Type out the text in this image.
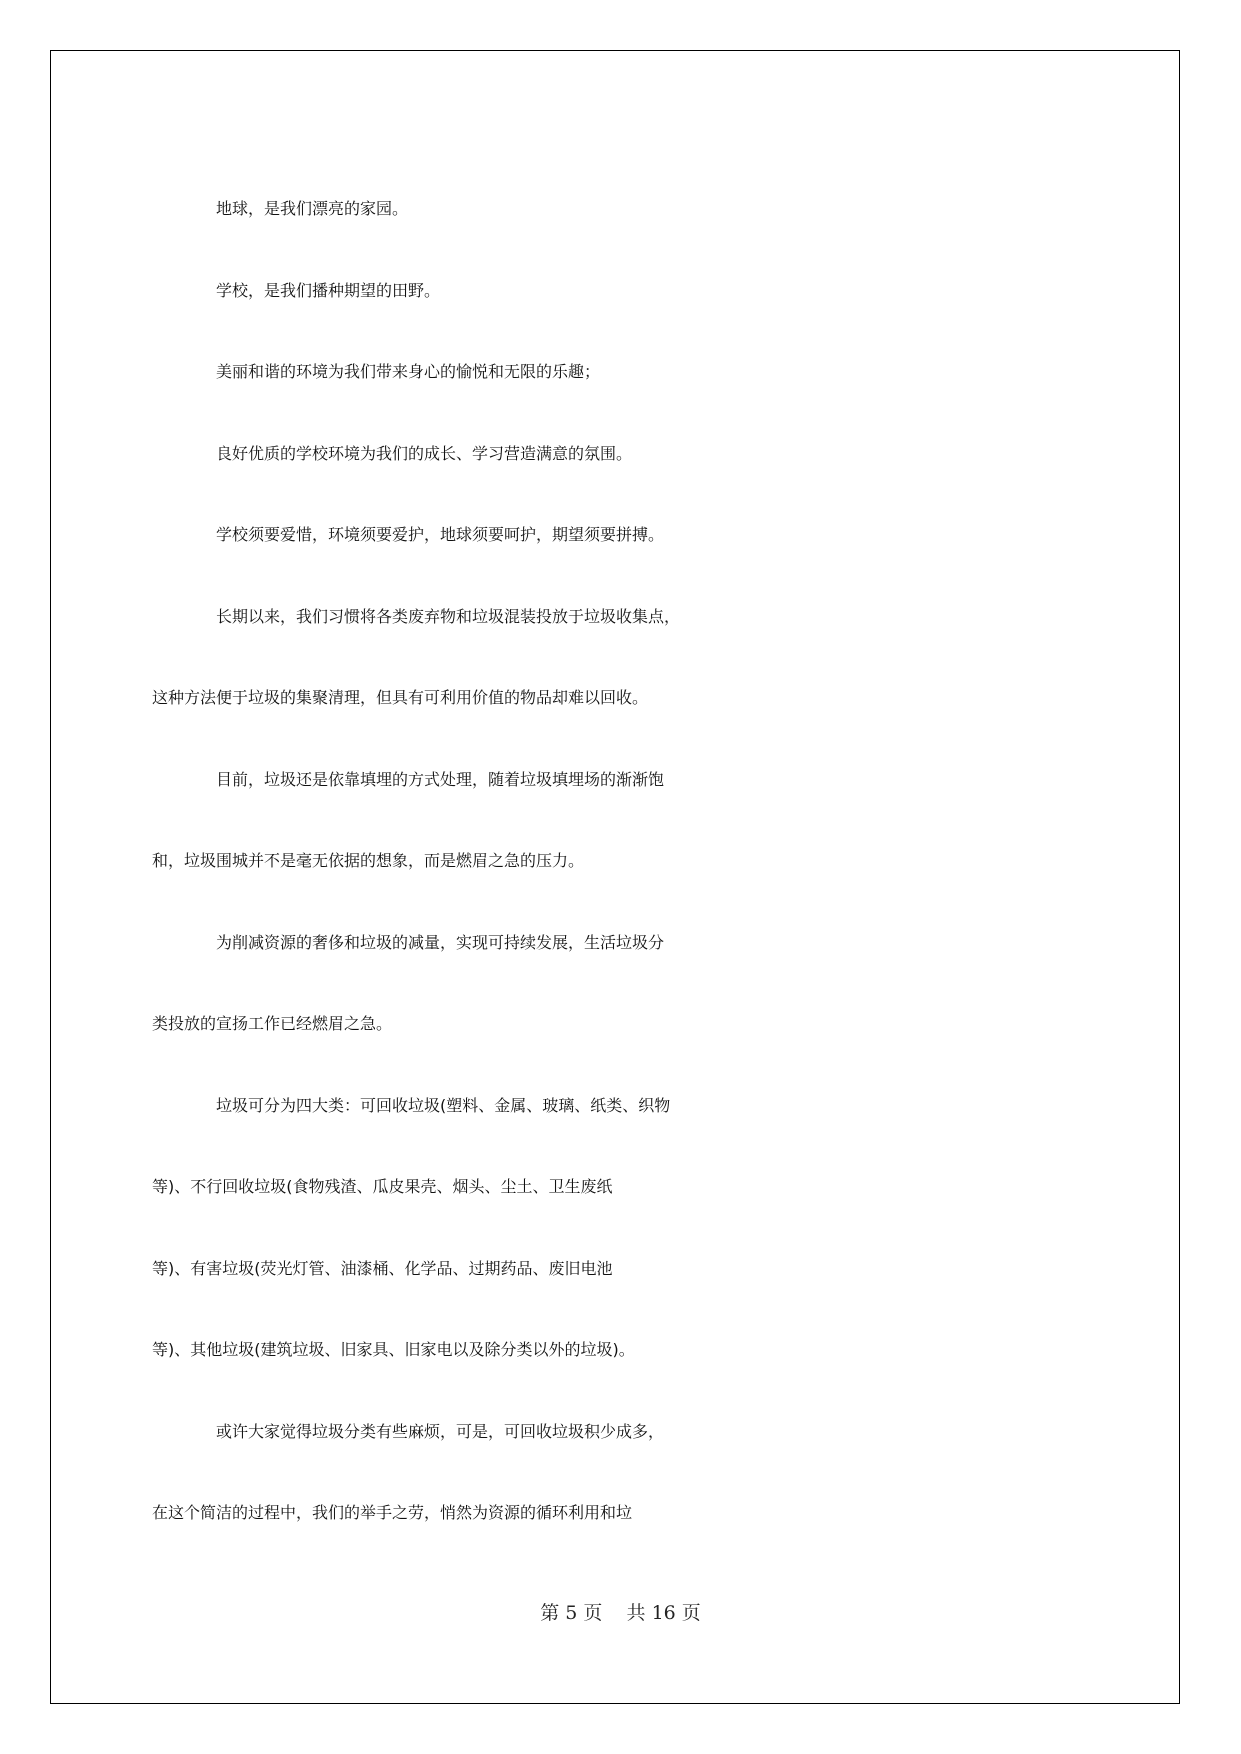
地球，是我们漂亮的家园。
学校，是我们播种期望的田野。
美丽和谐的环境为我们带来身心的愉悦和无限的乐趣；
良好优质的学校环境为我们的成长、学习营造满意的氛围。
学校须要爱惜，环境须要爱护，地球须要呵护，期望须要拼搏。
长期以来，我们习惯将各类废弃物和垃圾混装投放于垃圾收集点，
这种方法便于垃圾的集聚清理，但具有可利用价值的物品却难以回收。
目前，垃圾还是依靠填埋的方式处理，随着垃圾填埋场的渐渐饱
和，垃圾围城并不是毫无依据的想象，而是燃眉之急的压力。
为削减资源的奢侈和垃圾的减量，实现可持续发展，生活垃圾分
类投放的宣扬工作已经燃眉之急。
垃圾可分为四大类：可回收垃圾(塑料、金属、玻璃、纸类、织物
等)、不行回收垃圾(食物残渣、瓜皮果壳、烟头、尘土、卫生废纸
等)、有害垃圾(荧光灯管、油漆桶、化学品、过期药品、废旧电池
等)、其他垃圾(建筑垃圾、旧家具、旧家电以及除分类以外的垃圾)。
或许大家觉得垃圾分类有些麻烦，可是，可回收垃圾积少成多，
在这个简洁的过程中，我们的举手之劳，悄然为资源的循环利用和垃
第 5 页 共 16 页
